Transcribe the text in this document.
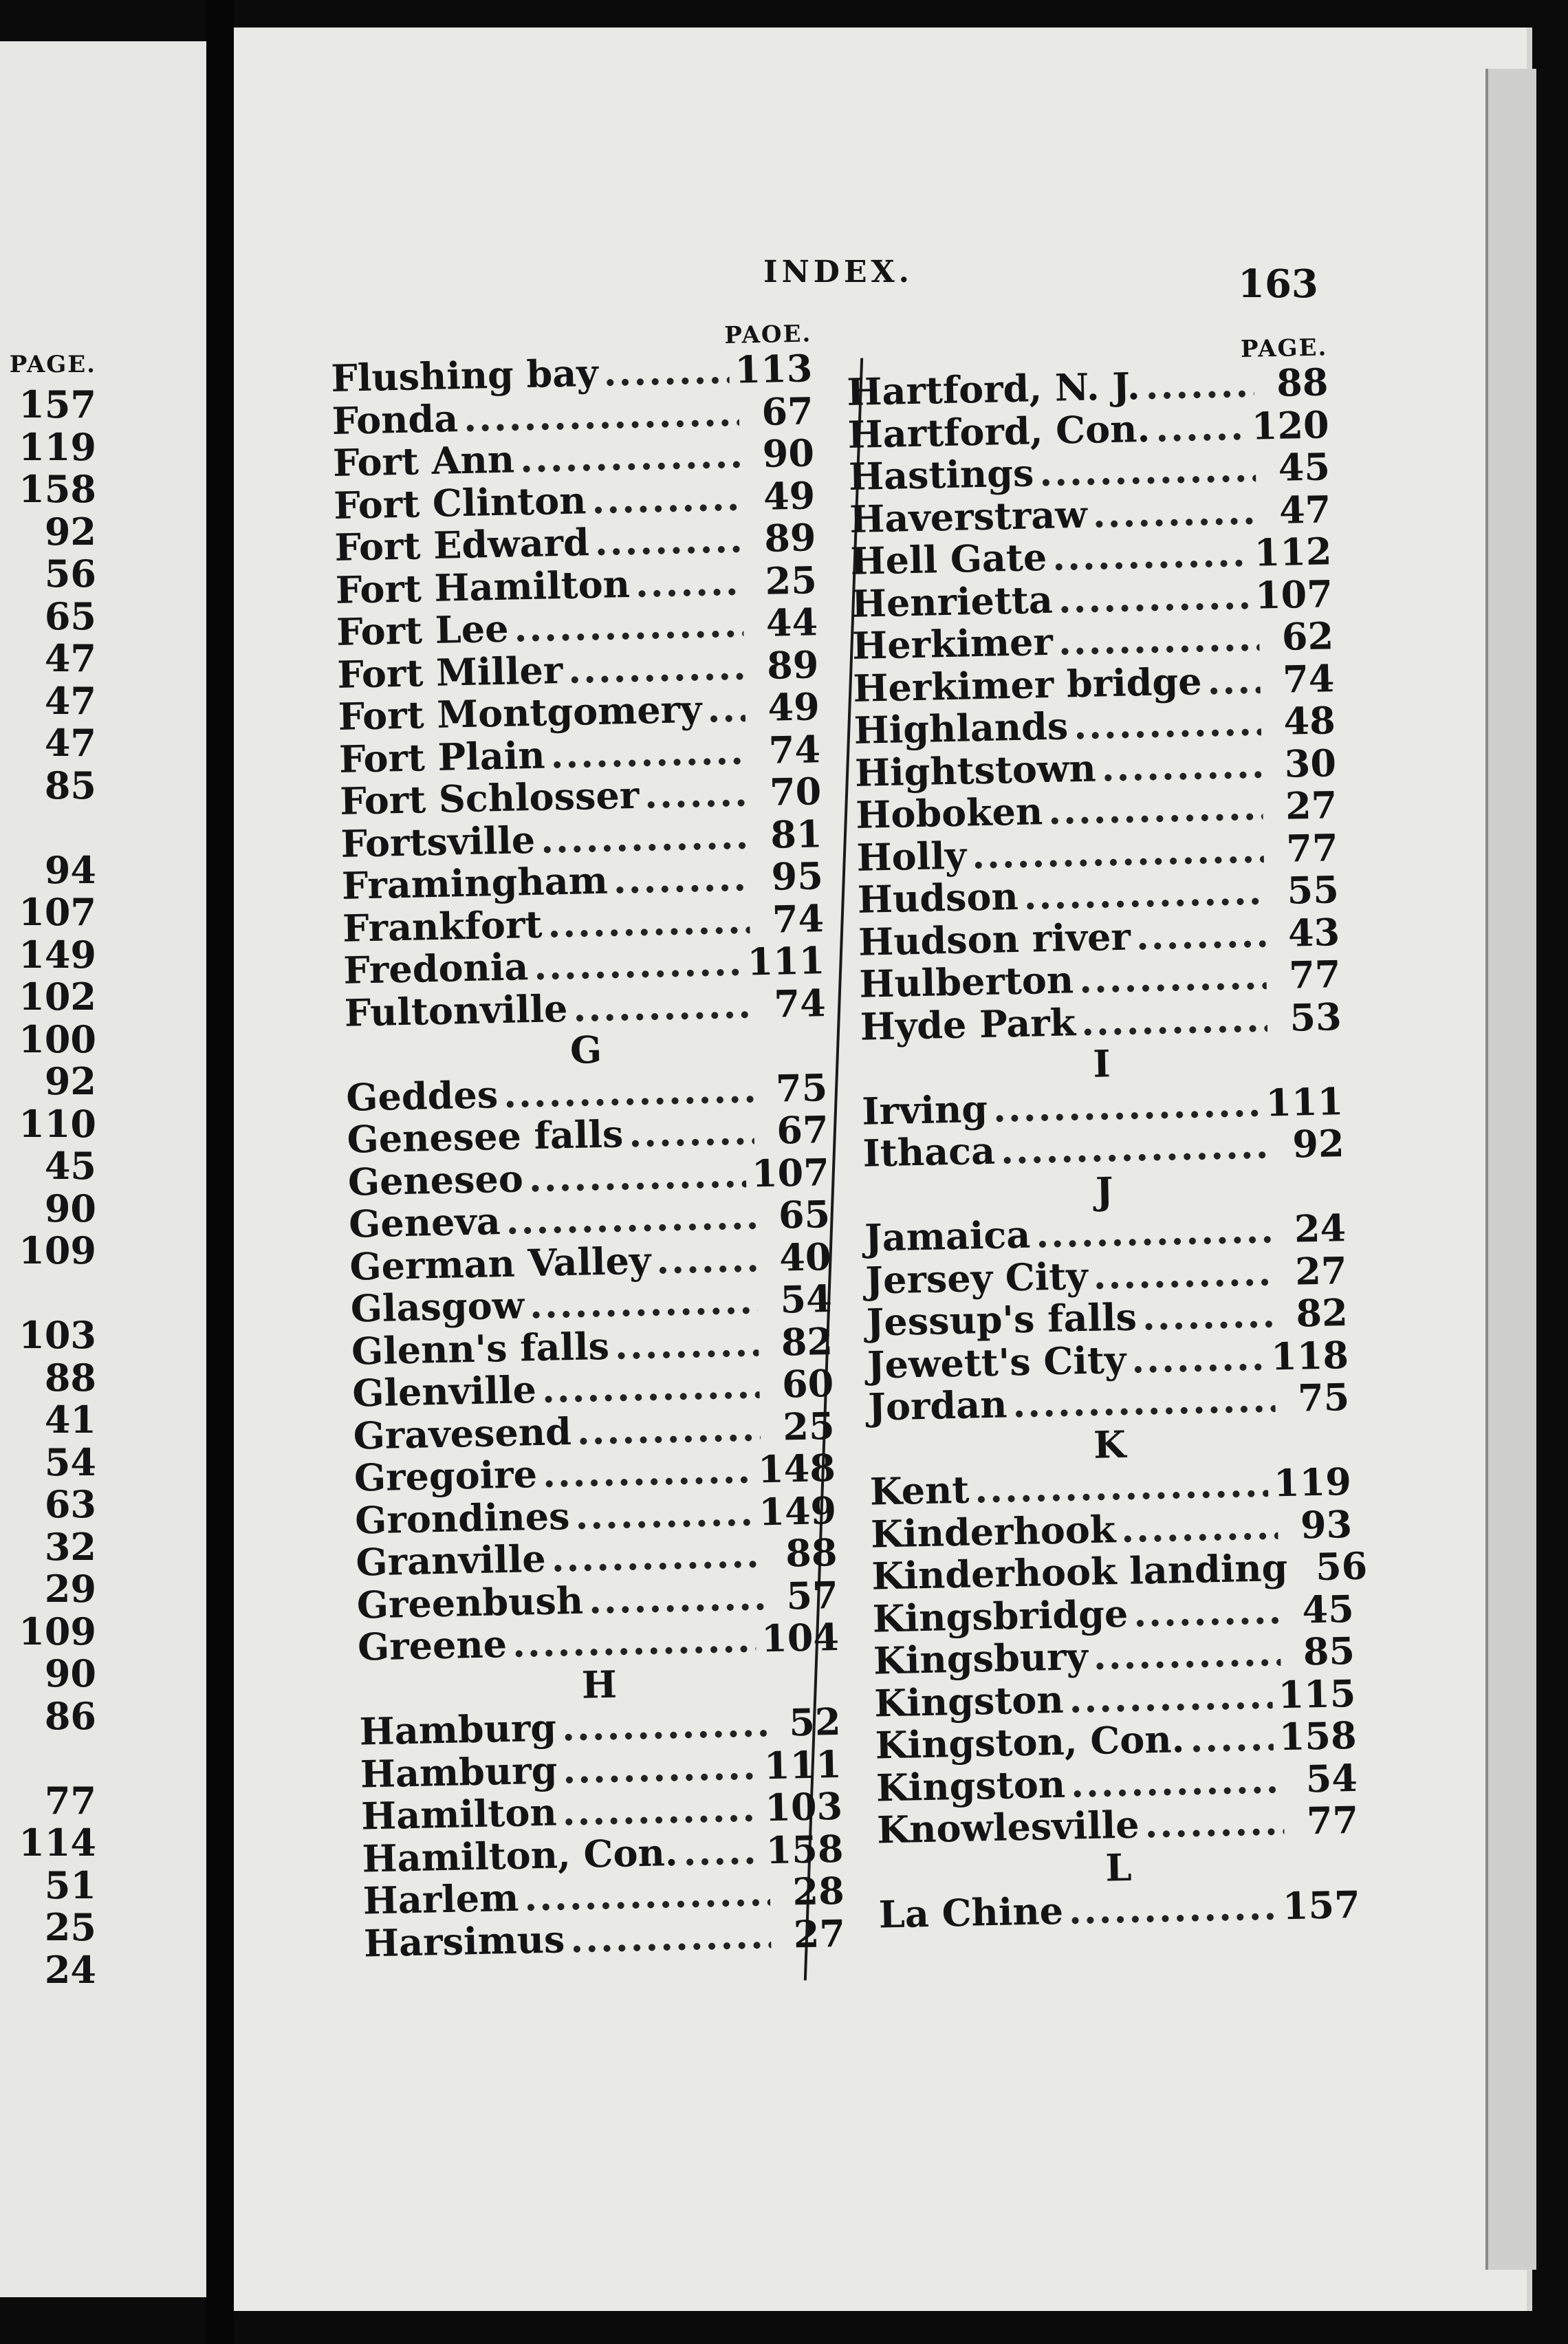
PAGE.
157
119
158
92
56
65
47
47
47
85

94
107
149
102
100
92
110
45
90
109

103
88
41
54
63
32
29
109
90
86

77
114
51
25
24
INDEX.	163
PAOE.
Flushing bay .....	113
Fonda .....	67
Fort Ann .....	90
Fort Clinton .....	49
Fort Edward .....	89
Fort Hamilton .....	25
Fort Lee .....	44
Fort Miller .....	89
Fort Montgomery .....	49
Fort Plain .....	74
Fort Schlosser .....	70
Fortsville .....	81
Framingham .....	95
Frankfort .....	74
Fredonia .....	111
Fultonville .....	74
G
Geddes .....	75
Genesee falls .....	67
Geneseo .....	107
Geneva .....	65
German Valley .....	40
Glasgow .....	54
Glenn's falls .....	82
Glenville .....	60
Gravesend .....	25
Gregoire .....	148
Grondines .....	149
Granville .....	88
Greenbush .....	57
Greene .....	104
H
Hamburg .....	52
Hamburg .....	111
Hamilton .....	103
Hamilton, Con. ..... 158
Harlem .....	28
Harsimus .....	27
PAGE.
Hartford, N. J. .....	88
Hartford, Con. .....	120
Hastings .....	45
Haverstraw .....	47
Hell Gate .....	112
Henrietta .....	107
Herkimer .....	62
Herkimer bridge .....	74
Highlands .....	48
Hightstown .....	30
Hoboken .....	27
Holly .....	77
Hudson .....	55
Hudson river .....	43
Hulberton .....	77
Hyde Park .....	53
I
Irving .....	111
Ithaca .....	92
J
Jamaica .....	24
Jersey City .....	27
Jessup's falls .....	82
Jewett's City .....	118
Jordan .....	75
K
Kent .....	119
Kinderhook .....	93
Kinderhook landing ..... 56
Kingsbridge .....	45
Kingsbury .....	85
Kingston .....	115
Kingston, Con. .....	158
Kingston .....	54
Knowlesville .....	77
L
La Chine .....	157
